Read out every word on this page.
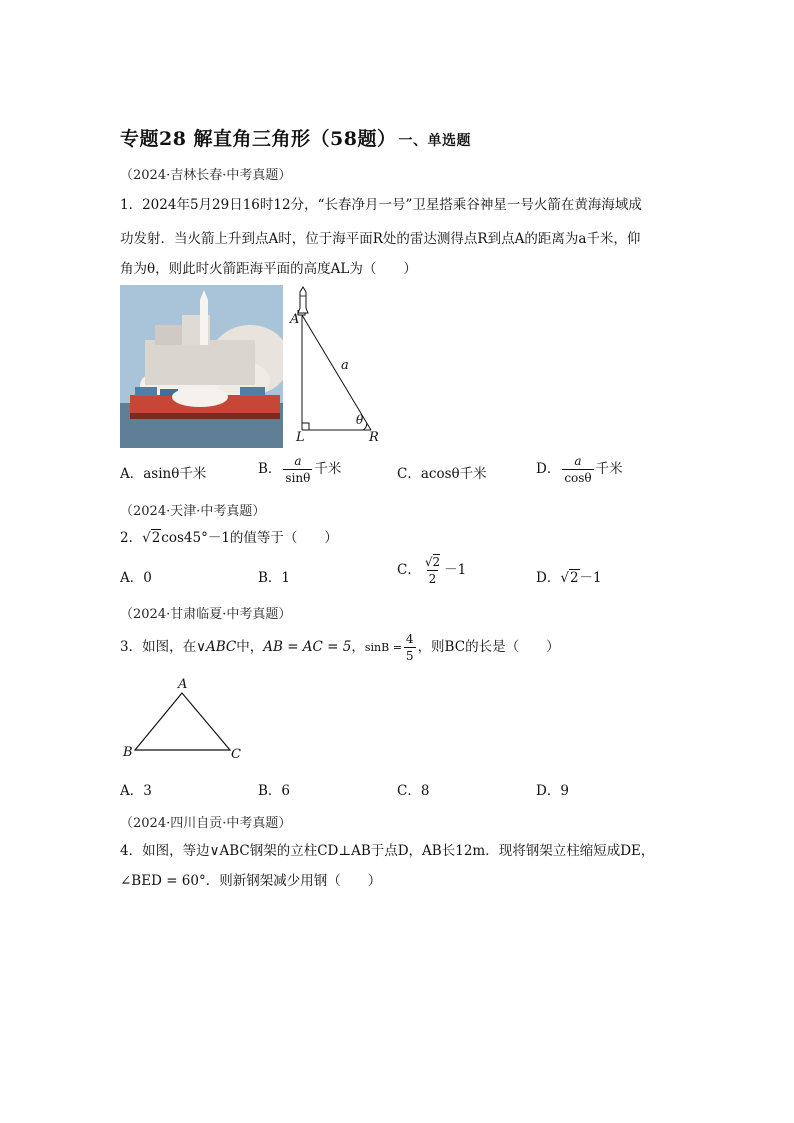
专题28 解直角三角形（58题） 一、单选题
（2024·吉林长春·中考真题）
1．2024年5月29日16时12分，“长春净月一号”卫星搭乘谷神星一号火箭在黄海海域成
功发射．当火箭上升到点A时，位于海平面R处的雷达测得点R到点A的距离为a千米，仰
角为θ，则此时火箭距海平面的高度AL为（　　）
A
a
θ
L	R
A．asinθ千米	B． $\frac{a}{\sin\theta}$ 千米	C．acosθ千米	D． $\frac{a}{\cos\theta}$ 千米
（2024·天津·中考真题）
2．√2cos45°－1的值等于（　　）
A．0	B．1	C． $\frac{√2}{2} -1$	D．√2－1
（2024·甘肃临夏·中考真题）
3．如图，在∨ABC中，AB = AC = 5，$\sin B = \frac{4}{5}$ ，则BC的长是（　　）
A
B	C
A．3	B．6	C．8	D．9
（2024·四川自贡·中考真题）
4．如图，等边∨ABC钢架的立柱CD⊥AB于点D，AB长12m．现将钢架立柱缩短成DE，
∠BED = 60°．则新钢架减少用钢（　　）
